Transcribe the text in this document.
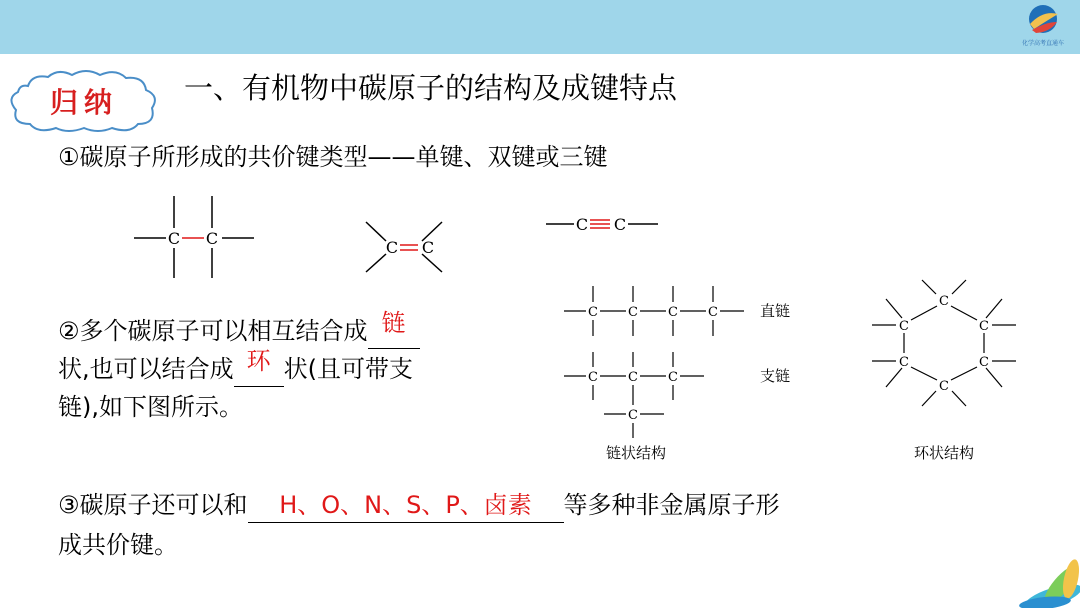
化学高考直通车
归纳	一、有机物中碳原子的结构及成键特点
①碳原子所形成的共价键类型——单键、双键或三键
②多个碳原子可以相互结合成 链
状,也可以结合成 环 状(且可带支
链),如下图所示。
③碳原子还可以和 H、O、N、S、P、卤素 等多种非金属原子形
成共价键。
C C	C C
C C
C C C C	直链
C C C
C
支链
链状结构
C
C	C
C	C
C
环状结构
